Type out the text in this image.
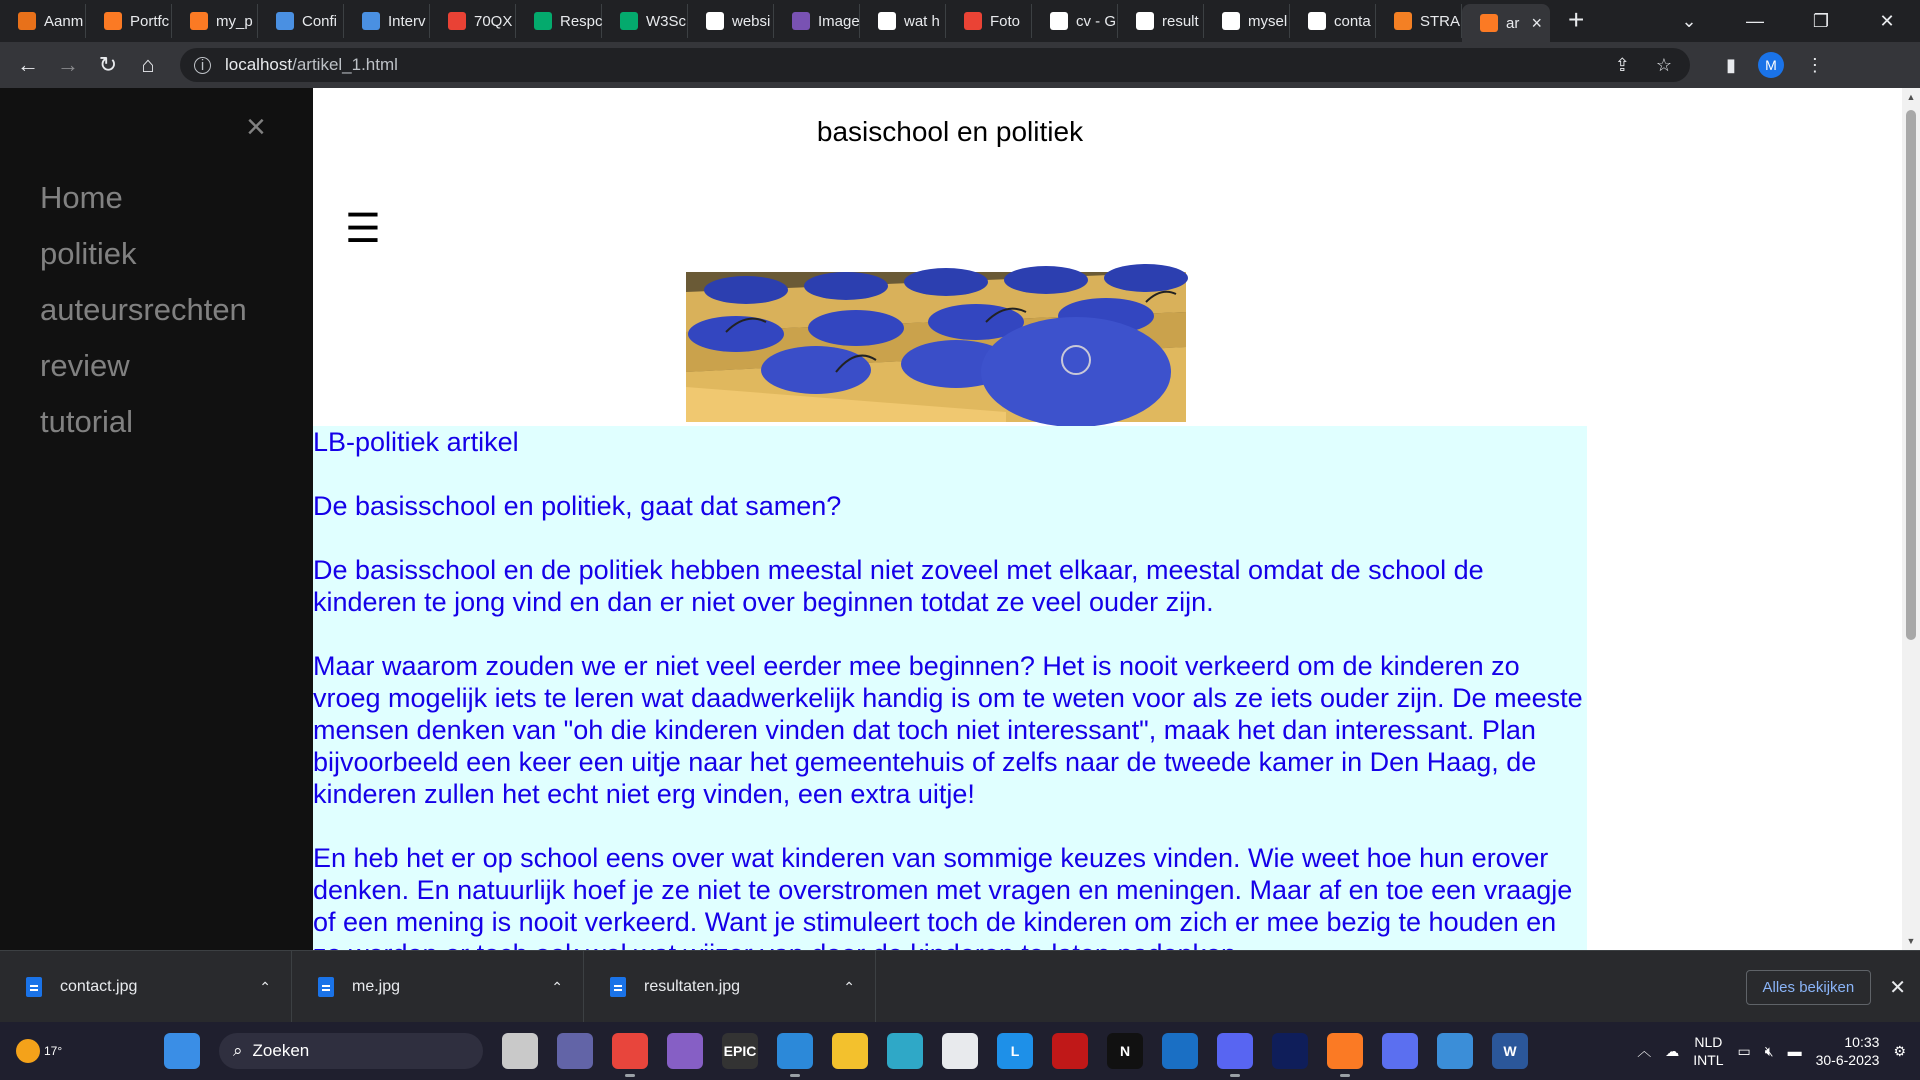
Aanm	Portfc	my_p	Confi	Interv	70QX	Respc	W3Sc	websi	Image	wat h	Foto	cv - G	result	mysel	conta	STRA	ar × +	⌄	—	❐	✕
← → ↻	⌂	i	localhost /artikel_1.html	⇪ ☆	▮	M	⋮
×
Home
politiek
auteursrechten
review
tutorial
basischool en politiek
☰

LB-politiek artikel

De basisschool en politiek, gaat dat samen?

De basisschool en de politiek hebben meestal niet zoveel met elkaar, meestal omdat de school de kinderen te jong vind en dan er niet over beginnen totdat ze veel ouder zijn.

Maar waarom zouden we er niet veel eerder mee beginnen? Het is nooit verkeerd om de kinderen zo vroeg mogelijk iets te leren wat daadwerkelijk handig is om te weten voor als ze iets ouder zijn. De meeste mensen denken van "oh die kinderen vinden dat toch niet interessant", maak het dan interessant. Plan bijvoorbeeld een keer een uitje naar het gemeentehuis of zelfs naar de tweede kamer in Den Haag, de kinderen zullen het echt niet erg vinden, een extra uitje!

En heb het er op school eens over wat kinderen van sommige keuzes vinden. Wie weet hoe hun erover denken. En natuurlijk hoef je ze niet te overstromen met vragen en meningen. Maar af en toe een vraagje of een mening is nooit verkeerd. Want je stimuleert toch de kinderen om zich er mee bezig te houden en

▲
▼
contact.jpg	⌃	me.jpg	⌃	resultaten.jpg	⌃	Alles bekijken	✕
17°	⌕ Zoeken	EPIC	L	N	W	︿ ☁
NLD
INTL
▭ 🔇︎ ▬
10:33
30-6-2023
⚙
